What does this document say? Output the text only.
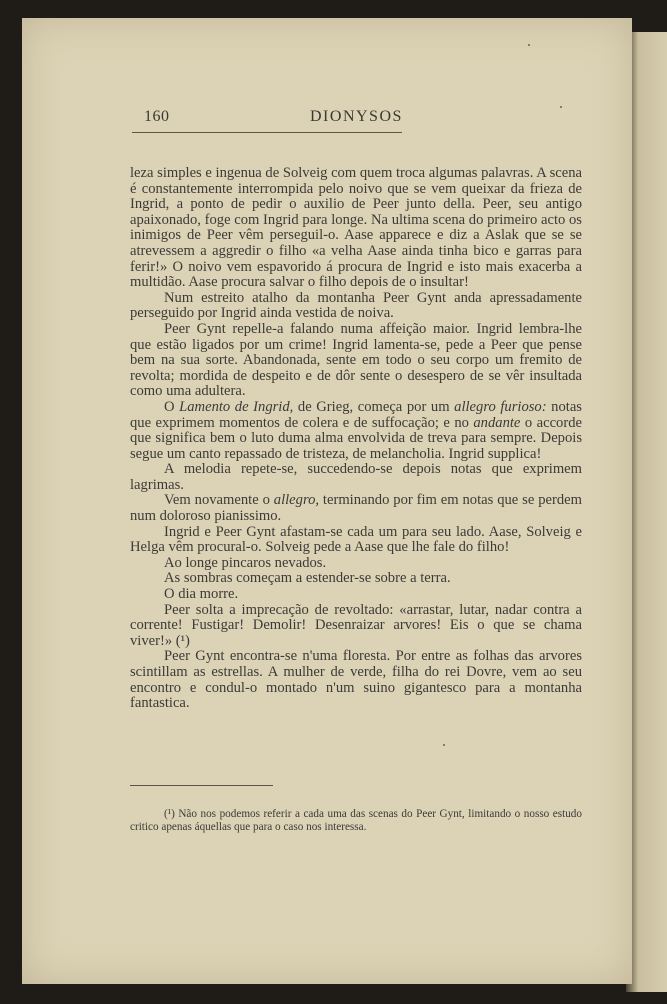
160	DIONYSOS

leza simples e ingenua de Solveig com quem troca algumas palavras. A scena é constantemente interrompida pelo noivo que se vem queixar da frieza de Ingrid, a ponto de pedir o auxilio de Peer junto della. Peer, seu antigo apaixonado, foge com Ingrid para longe. Na ultima scena do primeiro acto os inimigos de Peer vêm perseguil-o. Aase apparece e diz a Aslak que se se atrevessem a aggredir o filho «a velha Aase ainda tinha bico e garras para ferir!» O noivo vem espavorido á procura de Ingrid e isto mais exacerba a multidão. Aase procura salvar o filho depois de o insultar!

Num estreito atalho da montanha Peer Gynt anda apressadamente perseguido por Ingrid ainda vestida de noiva.

Peer Gynt repelle-a falando numa affeição maior. Ingrid lembra-lhe que estão ligados por um crime! Ingrid lamenta-se, pede a Peer que pense bem na sua sorte. Abandonada, sente em todo o seu corpo um fremito de revolta; mordida de despeito e de dôr sente o desespero de se vêr insultada como uma adultera.

O Lamento de Ingrid, de Grieg, começa por um allegro furioso: notas que exprimem momentos de colera e de suffocação; e no andante o accorde que significa bem o luto duma alma envolvida de treva para sempre. Depois segue um canto repassado de tristeza, de melancholia. Ingrid supplica!

A melodia repete-se, succedendo-se depois notas que exprimem lagrimas.

Vem novamente o allegro, terminando por fim em notas que se perdem num doloroso pianissimo.

Ingrid e Peer Gynt afastam-se cada um para seu lado. Aase, Solveig e Helga vêm procural-o. Solveig pede a Aase que lhe fale do filho!

Ao longe pincaros nevados.

As sombras começam a estender-se sobre a terra.

O dia morre.

Peer solta a imprecação de revoltado: «arrastar, lutar, nadar contra a corrente! Fustigar! Demolir! Desenraizar arvores! Eis o que se chama viver!» (¹)

Peer Gynt encontra-se n'uma floresta. Por entre as folhas das arvores scintillam as estrellas. A mulher de verde, filha do rei Dovre, vem ao seu encontro e condul-o montado n'um suino gigantesco para a montanha fantastica.

(¹) Não nos podemos referir a cada uma das scenas do Peer Gynt, limitando o nosso estudo critico apenas áquellas que para o caso nos interessa.
